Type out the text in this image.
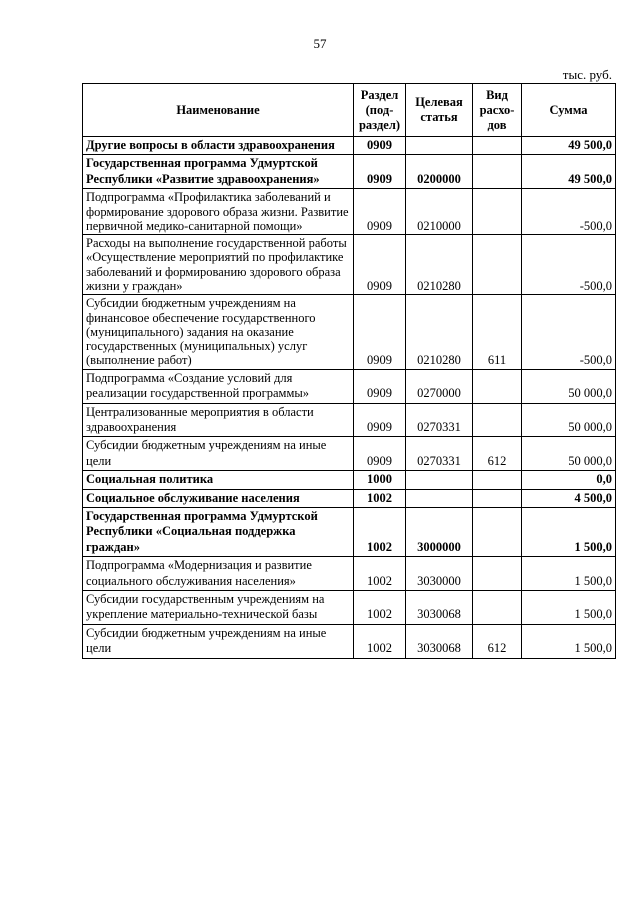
57
тыс. руб.
Наименование	Раздел (под-раздел)	Целевая статья	Вид расхо-дов	Сумма
Другие вопросы в области здравоохранения	0909			49 500,0
Государственная программа Удмуртской Республики «Развитие здравоохранения»	0909	0200000		49 500,0
Подпрограмма «Профилактика заболеваний и формирование здорового образа жизни. Развитие первичной медико-санитарной помощи»	0909	0210000		-500,0
Расходы на выполнение государственной работы «Осуществление мероприятий по профилактике заболеваний и формированию здорового образа жизни у граждан»	0909	0210280		-500,0
Субсидии бюджетным учреждениям на финансовое обеспечение государственного (муниципального) задания на оказание государственных (муниципальных) услуг (выполнение работ)	0909	0210280	611	-500,0
Подпрограмма «Создание условий для реализации государственной программы»	0909	0270000		50 000,0
Централизованные мероприятия в области здравоохранения	0909	0270331		50 000,0
Субсидии бюджетным учреждениям на иные цели	0909	0270331	612	50 000,0
Социальная политика	1000			0,0
Социальное обслуживание населения	1002			4 500,0
Государственная программа Удмуртской Республики «Социальная поддержка граждан»	1002	3000000		1 500,0
Подпрограмма «Модернизация и развитие социального обслуживания населения»	1002	3030000		1 500,0
Субсидии государственным учреждениям на укрепление материально-технической базы	1002	3030068		1 500,0
Субсидии бюджетным учреждениям на иные цели	1002	3030068	612	1 500,0
